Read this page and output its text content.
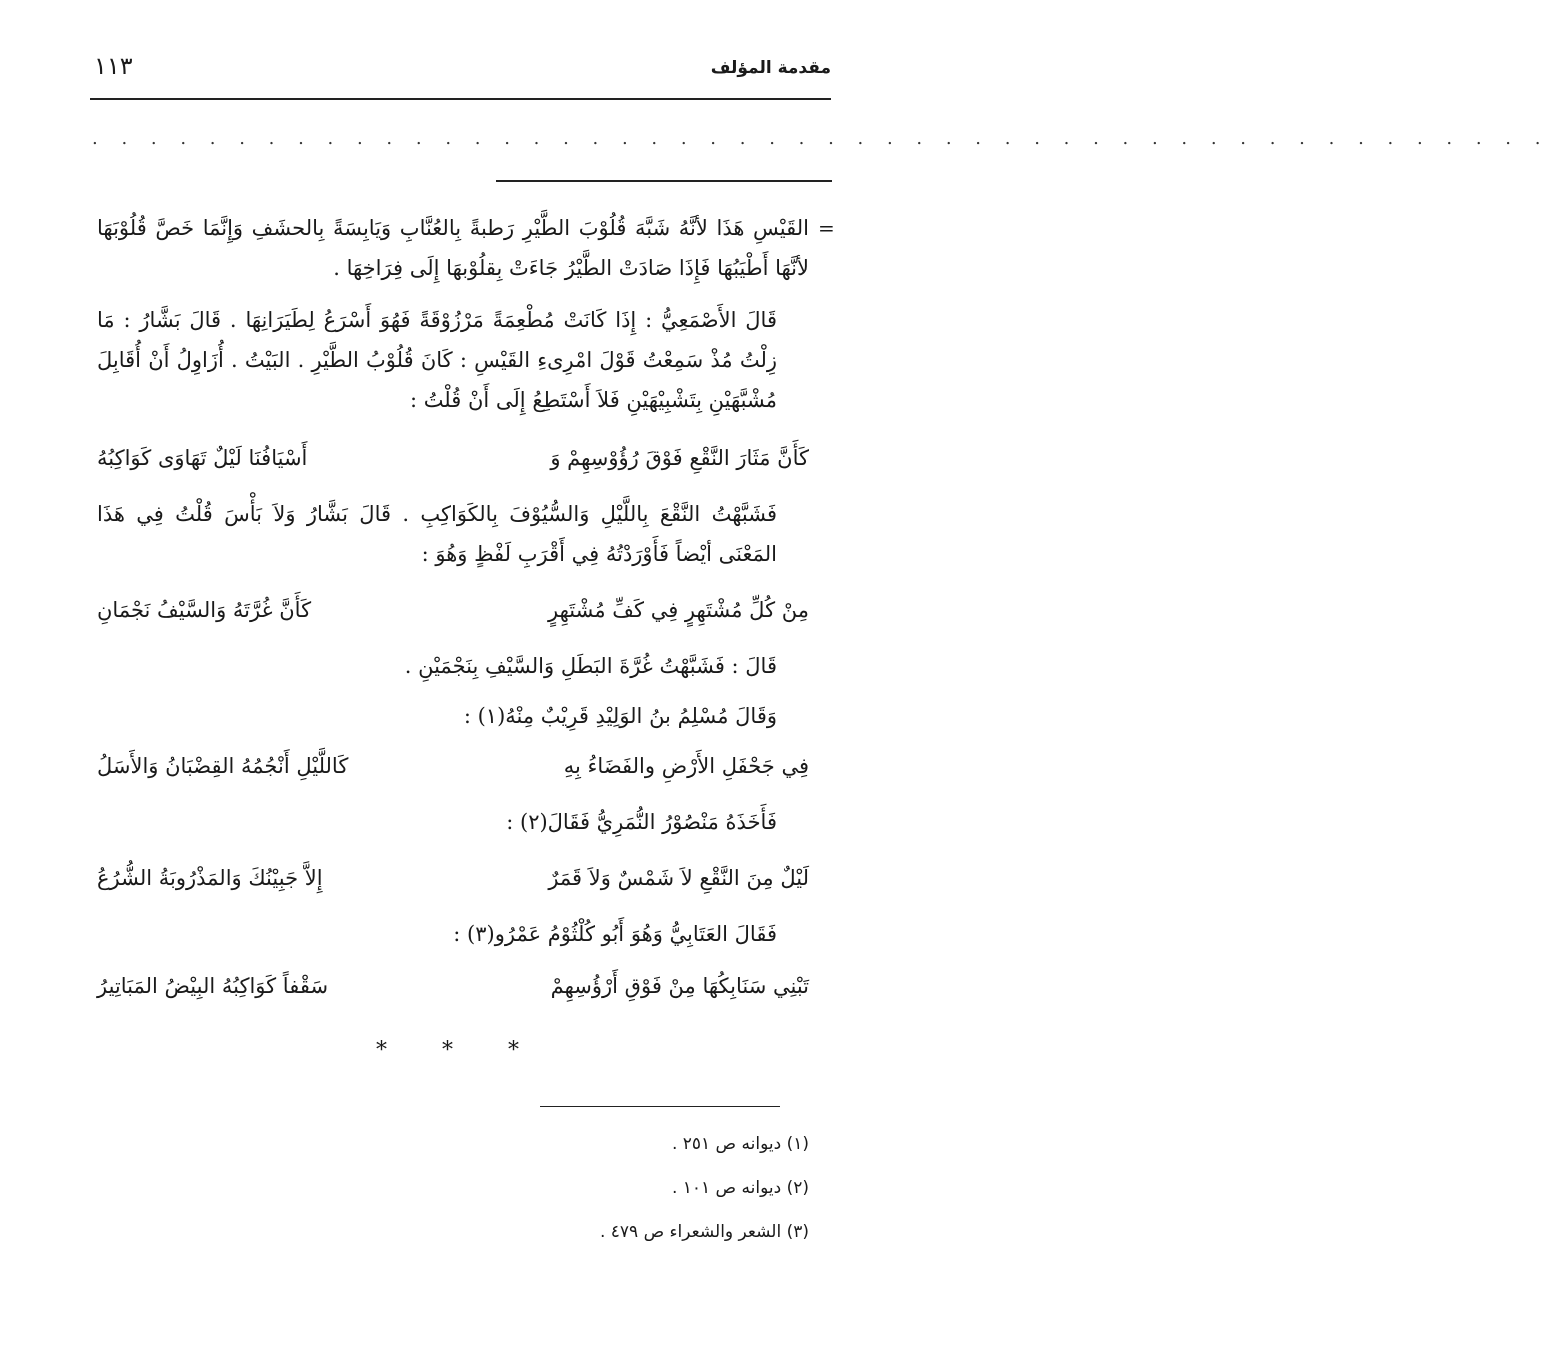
مقدمة المؤلف
١١٣
. . . . . . . . . . . . . . . . . . . . . . . . . . . . . . . . . . . . . . . . . . . . . . . . . .
=
القَيْسِ هَذَا لأنَّهُ شَبَّهَ قُلُوْبَ الطَّيْرِ رَطبةً بِالعُنَّابِ وَيَابِسَةً بِالحشَفِ وَإِنَّمَا خَصَّ قُلُوْبَهَا لأنَّهَا أَطْيَبُهَا فَإِذَا صَادَتْ الطَّيْرُ جَاءَتْ بِقلُوْبهَا إِلَى فِرَاخِهَا .
قَالَ الأَصْمَعِيُّ : إِذَا كَانَتْ مُطْعِمَةً مَرْزُوْقَةً فَهُوَ أَسْرَعُ لِطَيَرَانِهَا . قَالَ بَشَّارُ : مَا زِلْتُ مُذْ سَمِعْتُ قَوْلَ امْرِىءِ القَيْسِ : كَانَ قُلُوْبُ الطَّيْرِ . البَيْتُ . أُزَاوِلُ أَنْ أُقَابِلَ مُشْبَّهَيْنِ بِتَشْبِيْهَيْنِ فَلاَ أَسْتَطِعُ إِلَى أَنْ قُلْتُ :
كَأَنَّ مَثَارَ النَّقْعِ فَوْقَ رُؤُوْسِهِمْ وَ
أَسْيَافُنَا لَيْلٌ تَهَاوَى كَوَاكِبُهُ
فَشَبَّهْتُ النَّقْعَ بِاللَّيْلِ وَالسُّيُوْفَ بِالكَوَاكِبِ . قَالَ بَشَّارُ وَلاَ بَأْسَ قُلْتُ فِي هَذَا المَعْنَى أيْضاً فَأَوْرَدْتُهُ فِي أَقْرَبِ لَفْظٍ وَهُوَ :
مِنْ كُلِّ مُشْتَهِرٍ فِي كَفِّ مُشْتَهِرٍ
كَأَنَّ غُرَّتَهُ وَالسَّيْفُ نَجْمَانِ
قَالَ : فَشَبَّهْتُ غُرَّةَ البَطَلِ وَالسَّيْفِ بِنَجْمَيْنِ .
وَقَالَ مُسْلِمُ بنُ الوَلِيْدِ قَرِيْبٌ مِنْهُ(١) :
فِي جَحْفَلِ الأَرْضِ والفَضَاءُ بِهِ
كَاللَّيْلِ أَنْجُمُهُ القِضْبَانُ وَالأَسَلُ
فَأَخَذَهُ مَنْصُوْرُ النُّمَرِيُّ فَقَالَ(٢) :
لَيْلٌ مِنَ النَّقْعِ لاَ شَمْسٌ وَلاَ قَمَرٌ
إِلاَّ جَبِيْنُكَ وَالمَذْرُوبَةُ الشُّرُعُ
فَقَالَ العَتَابِيُّ وَهُوَ أَبُو كُلْثُوْمُ عَمْرُو(٣) :
تَبْنِي سَنَابِكُهَا مِنْ فَوْقِ أَرْؤُسِهِمْ
سَقْفاً كَوَاكِبُهُ البِيْضُ المَبَاتِيرُ
* * *
(١) ديوانه ص ٢٥١ .
(٢) ديوانه ص ١٠١ .
(٣) الشعر والشعراء ص ٤٧٩ .
